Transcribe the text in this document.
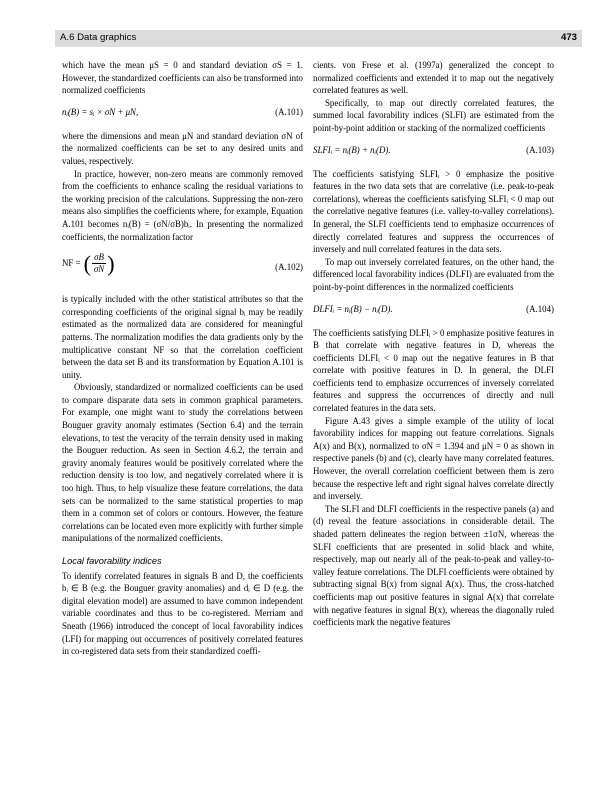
A.6 Data graphics	473

which have the mean μS = 0 and standard deviation σS = 1. However, the standardized coefficients can also be transformed into normalized coefficients

nᵢ(B) = sᵢ × σN + μN,	(A.101)

where the dimensions and mean μN and standard deviation σN of the normalized coefficients can be set to any desired units and values, respectively.

In practice, however, non-zero means are commonly removed from the coefficients to enhance scaling the residual variations to the working precision of the calculations. Suppressing the non-zero means also simplifies the coefficients where, for example, Equation A.101 becomes nᵢ(B) = (σN/σB)bᵢ. In presenting the normalized coefficients, the normalization factor

NF = ( $\frac{\sigma B}{\sigma N}$ )	(A.102)

is typically included with the other statistical attributes so that the corresponding coefficients of the original signal bᵢ may be readily estimated as the normalized data are considered for meaningful patterns. The normalization modifies the data gradients only by the multiplicative constant NF so that the correlation coefficient between the data set B and its transformation by Equation A.101 is unity.

Obviously, standardized or normalized coefficients can be used to compare disparate data sets in common graphical parameters. For example, one might want to study the correlations between Bouguer gravity anomaly estimates (Section 6.4) and the terrain elevations, to test the veracity of the terrain density used in making the Bouguer reduction. As seen in Section 4.6.2, the terrain and gravity anomaly features would be positively correlated where the reduction density is too low, and negatively correlated where it is too high. Thus, to help visualize these feature correlations, the data sets can be normalized to the same statistical properties to map them in a common set of colors or contours. However, the feature correlations can be located even more explicitly with further simple manipulations of the normalized coefficients.

Local favorability indices

To identify correlated features in signals B and D, the coefficients bᵢ ∈ B (e.g. the Bouguer gravity anomalies) and dᵢ ∈ D (e.g. the digital elevation model) are assumed to have common independent variable coordinates and thus to be co-registered. Merriam and Sneath (1966) introduced the concept of local favorability indices (LFI) for mapping out occurrences of positively correlated features in co-registered data sets from their standardized coeffi-

cients. von Frese et al. (1997a) generalized the concept to normalized coefficients and extended it to map out the negatively correlated features as well.

Specifically, to map out directly correlated features, the summed local favorability indices (SLFI) are estimated from the point-by-point addition or stacking of the normalized coefficients

SLFIᵢ = nᵢ(B) + nᵢ(D).	(A.103)

The coefficients satisfying SLFIᵢ > 0 emphasize the positive features in the two data sets that are correlative (i.e. peak-to-peak correlations), whereas the coefficients satisfying SLFIᵢ < 0 map out the correlative negative features (i.e. valley-to-valley correlations). In general, the SLFI coefficients tend to emphasize occurrences of directly correlated features and suppress the occurrences of inversely and null correlated features in the data sets.

To map out inversely correlated features, on the other hand, the differenced local favorability indices (DLFI) are evaluated from the point-by-point differences in the normalized coefficients

DLFIᵢ = nᵢ(B) − nᵢ(D).	(A.104)

The coefficients satisfying DLFIᵢ > 0 emphasize positive features in B that correlate with negative features in D, whereas the coefficients DLFIᵢ < 0 map out the negative features in B that correlate with positive features in D. In general, the DLFI coefficients tend to emphasize occurrences of inversely correlated features and suppress the occurrences of directly and null correlated features in the data sets.

Figure A.43 gives a simple example of the utility of local favorability indices for mapping out feature correlations. Signals A(x) and B(x), normalized to σN = 1.394 and μN = 0 as shown in respective panels (b) and (c), clearly have many correlated features. However, the overall correlation coefficient between them is zero because the respective left and right signal halves correlate directly and inversely.

The SLFI and DLFI coefficients in the respective panels (a) and (d) reveal the feature associations in considerable detail. The shaded pattern delineates the region between ±1σN, whereas the SLFI coefficients that are presented in solid black and white, respectively, map out nearly all of the peak-to-peak and valley-to-valley feature correlations. The DLFI coefficients were obtained by subtracting signal B(x) from signal A(x). Thus, the cross-hatched coefficients map out positive features in signal A(x) that correlate with negative features in signal B(x), whereas the diagonally ruled coefficients mark the negative features
